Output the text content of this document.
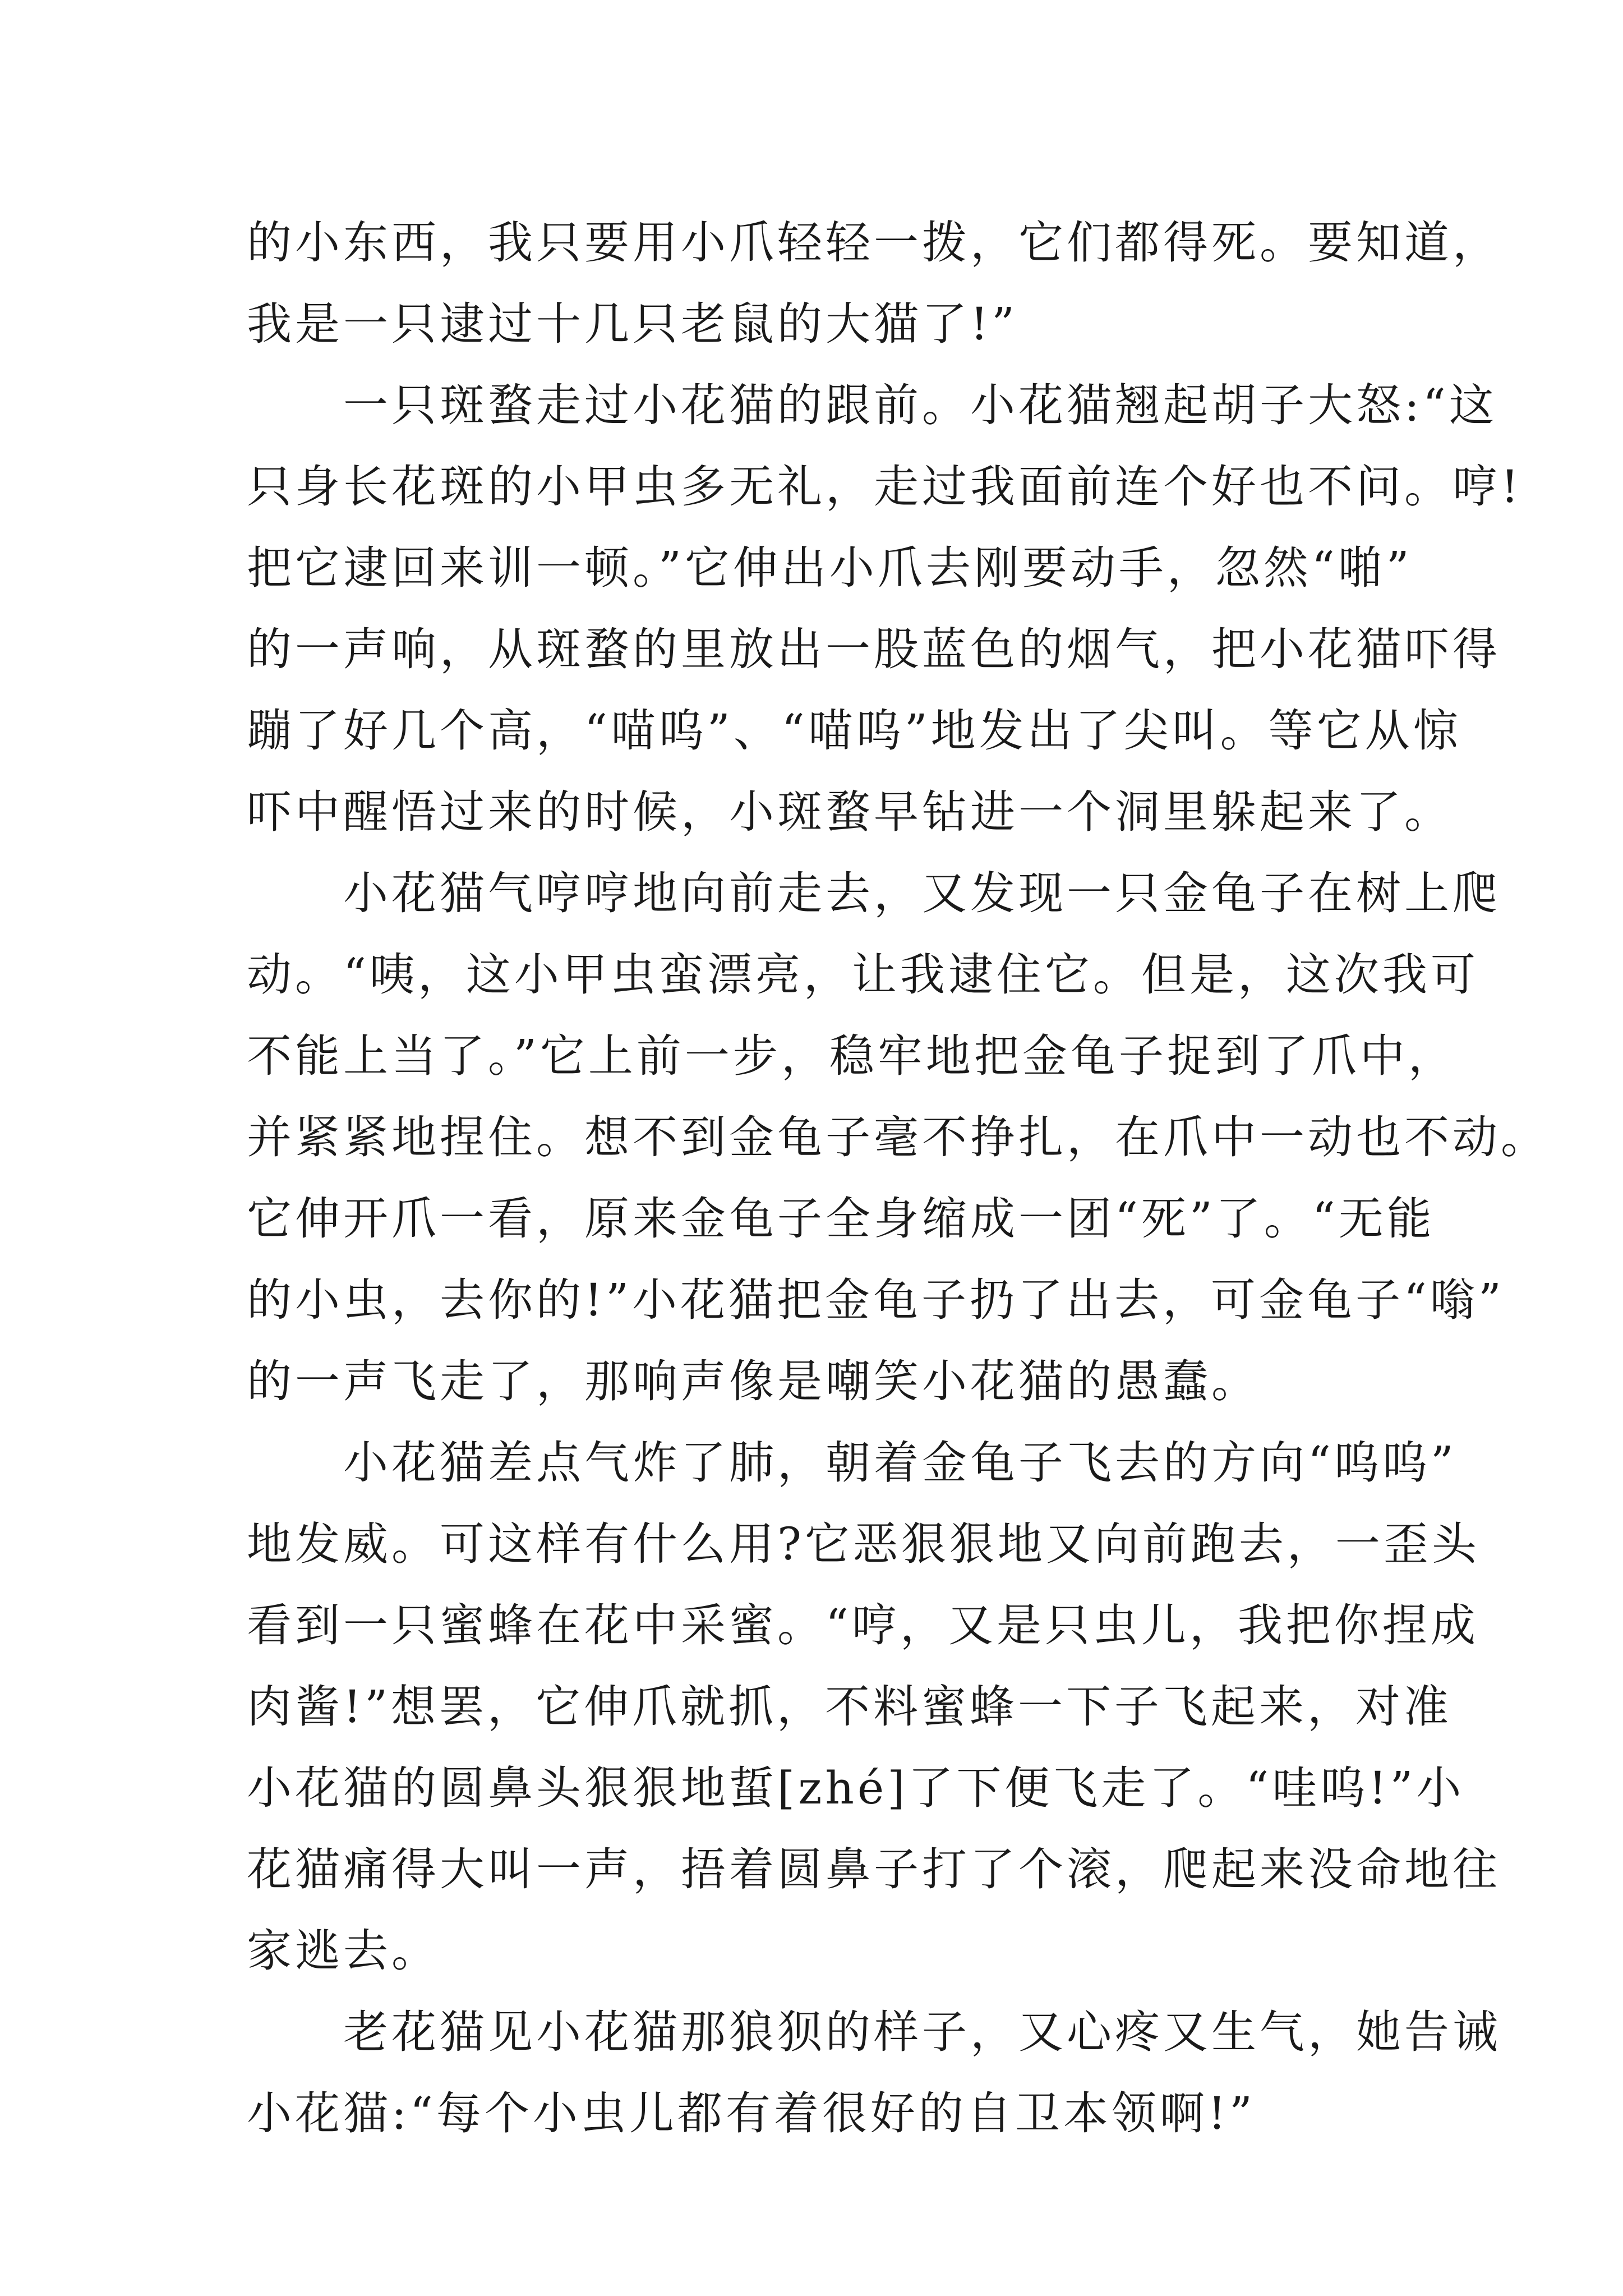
的小东西，我只要用小爪轻轻一拨，它们都得死。要知道，
我是一只逮过十几只老鼠的大猫了!”

一只斑蝥走过小花猫的跟前。小花猫翘起胡子大怒:“这
只身长花斑的小甲虫多无礼，走过我面前连个好也不问。哼!
把它逮回来训一顿。”它伸出小爪去刚要动手，忽然“啪”
的一声响，从斑蝥的里放出一股蓝色的烟气，把小花猫吓得
蹦了好几个高，“喵呜”、“喵呜”地发出了尖叫。等它从惊
吓中醒悟过来的时候，小斑蝥早钻进一个洞里躲起来了。

小花猫气哼哼地向前走去，又发现一只金龟子在树上爬
动。“咦，这小甲虫蛮漂亮，让我逮住它。但是，这次我可
不能上当了。”它上前一步，稳牢地把金龟子捉到了爪中，
并紧紧地捏住。想不到金龟子毫不挣扎，在爪中一动也不动。
它伸开爪一看，原来金龟子全身缩成一团“死”了。“无能
的小虫，去你的!”小花猫把金龟子扔了出去，可金龟子“嗡”
的一声飞走了，那响声像是嘲笑小花猫的愚蠢。

小花猫差点气炸了肺，朝着金龟子飞去的方向“呜呜”
地发威。可这样有什么用?它恶狠狠地又向前跑去，一歪头
看到一只蜜蜂在花中采蜜。“哼，又是只虫儿，我把你捏成
肉酱!”想罢，它伸爪就抓，不料蜜蜂一下子飞起来，对准
小花猫的圆鼻头狠狠地蜇[zhé]了下便飞走了。“哇呜!”小
花猫痛得大叫一声，捂着圆鼻子打了个滚，爬起来没命地往
家逃去。

老花猫见小花猫那狼狈的样子，又心疼又生气，她告诫
小花猫:“每个小虫儿都有着很好的自卫本领啊!”
